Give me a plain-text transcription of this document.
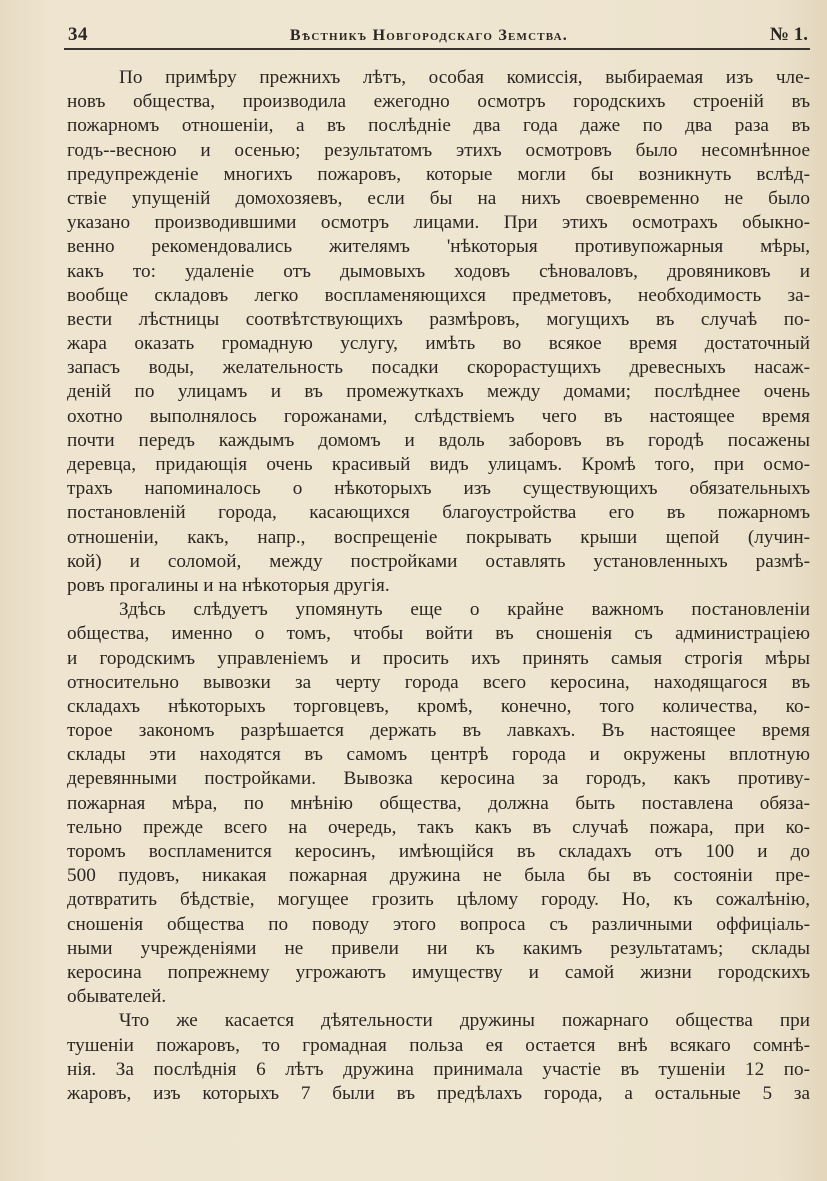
34	Вѣстникъ Новгородскаго Земства.	№ 1.
По примѣру прежнихъ лѣтъ, особая комиссія, выбираемая изъ чле-
новъ общества, производила ежегодно осмотръ городскихъ строеній въ
пожарномъ отношеніи, а въ послѣдніе два года даже по два раза въ
годъ--весною и осенью; результатомъ этихъ осмотровъ было несомнѣнное
предупрежденіе многихъ пожаровъ, которые могли бы возникнуть вслѣд-
ствіе упущеній домохозяевъ, если бы на нихъ своевременно не было
указано производившими осмотръ лицами. При этихъ осмотрахъ обыкно-
венно рекомендовались жителямъ 'нѣкоторыя противупожарныя мѣры,
какъ то: удаленіе отъ дымовыхъ ходовъ сѣноваловъ, дровяниковъ и
вообще складовъ легко воспламеняющихся предметовъ, необходимость за-
вести лѣстницы соотвѣтствующихъ размѣровъ, могущихъ въ случаѣ по-
жара оказать громадную услугу, имѣть во всякое время достаточный
запасъ воды, желательность посадки скорорастущихъ древесныхъ насаж-
деній по улицамъ и въ промежуткахъ между домами; послѣднее очень
охотно выполнялось горожанами, слѣдствіемъ чего въ настоящее время
почти передъ каждымъ домомъ и вдоль заборовъ въ городѣ посажены
деревца, придающія очень красивый видъ улицамъ. Кромѣ того, при осмо-
трахъ напоминалось о нѣкоторыхъ изъ существующихъ обязательныхъ
постановленій города, касающихся благоустройства его въ пожарномъ
отношеніи, какъ, напр., воспрещеніе покрывать крыши щепой (лучин-
кой) и соломой, между постройками оставлять установленныхъ размѣ-
ровъ прогалины и на нѣкоторыя другія.
Здѣсь слѣдуетъ упомянуть еще о крайне важномъ постановленіи
общества, именно о томъ, чтобы войти въ сношенія съ администраціею
и городскимъ управленіемъ и просить ихъ принять самыя строгія мѣры
относительно вывозки за черту города всего керосина, находящагося въ
складахъ нѣкоторыхъ торговцевъ, кромѣ, конечно, того количества, ко-
торое закономъ разрѣшается держать въ лавкахъ. Въ настоящее время
склады эти находятся въ самомъ центрѣ города и окружены вплотную
деревянными постройками. Вывозка керосина за городъ, какъ противу-
пожарная мѣра, по мнѣнію общества, должна быть поставлена обяза-
тельно прежде всего на очередь, такъ какъ въ случаѣ пожара, при ко-
торомъ воспламенится керосинъ, имѣющійся въ складахъ отъ 100 и до
500 пудовъ, никакая пожарная дружина не была бы въ состояніи пре-
дотвратить бѣдствіе, могущее грозить цѣлому городу. Но, къ сожалѣнію,
сношенія общества по поводу этого вопроса съ различными оффиціаль-
ными учрежденіями не привели ни къ какимъ результатамъ; склады
керосина попрежнему угрожаютъ имуществу и самой жизни городскихъ
обывателей.
Что же касается дѣятельности дружины пожарнаго общества при
тушеніи пожаровъ, то громадная польза ея остается внѣ всякаго сомнѣ-
нія. За послѣднія 6 лѣтъ дружина принимала участіе въ тушеніи 12 по-
жаровъ, изъ которыхъ 7 были въ предѣлахъ города, а остальные 5 за
